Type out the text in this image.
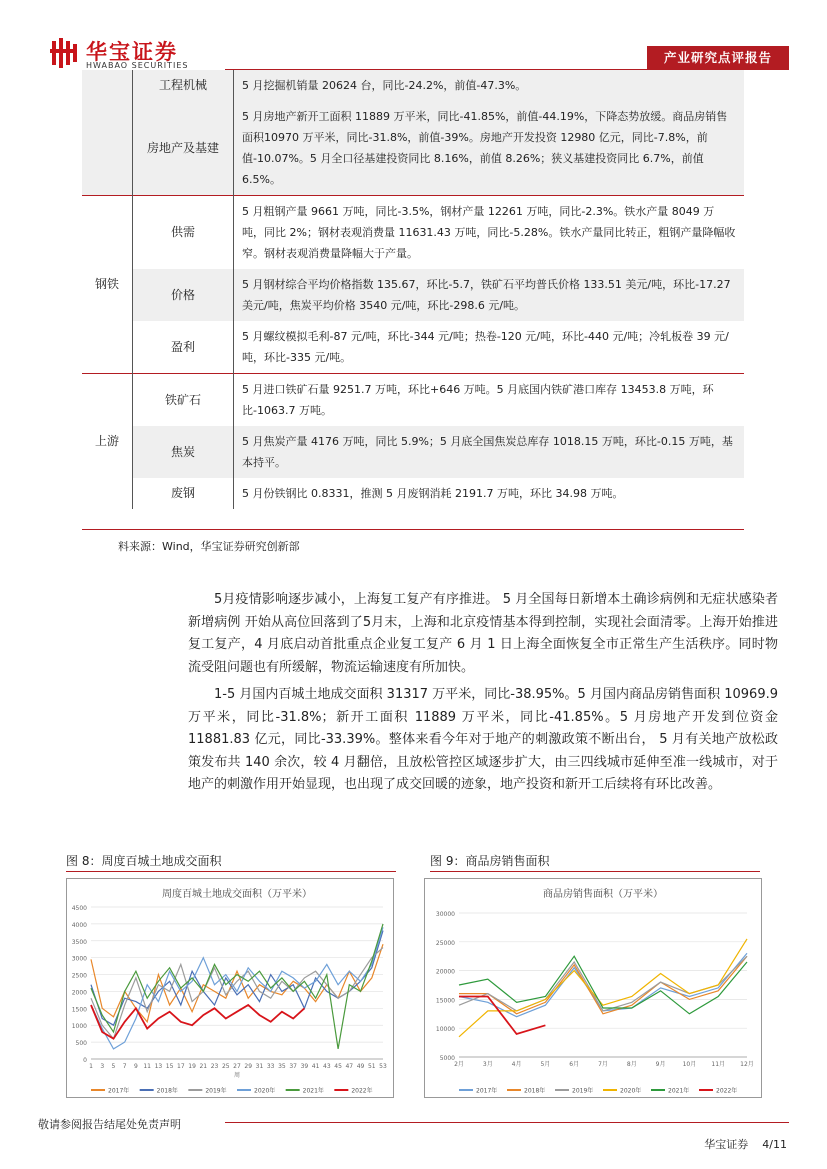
华宝证券
HWABAO SECURITIES
产业研究点评报告
	工程机械	5 月挖掘机销量 20624 台，同比-24.2%，前值-47.3%。
	房地产及基建	5 月房地产新开工面积 11889 万平米，同比-41.85%，前值-44.19%，下降态势放缓。商品房销售面积10970 万平米，同比-31.8%，前值-39%。房地产开发投资 12980 亿元，同比-7.8%，前值-10.07%。5 月全口径基建投资同比 8.16%，前值 8.26%；狭义基建投资同比 6.7%，前值 6.5%。
钢铁	供需	5 月粗钢产量 9661 万吨，同比-3.5%，钢材产量 12261 万吨，同比-2.3%。铁水产量 8049 万吨，同比 2%；钢材表观消费量 11631.43 万吨，同比-5.28%。铁水产量同比转正，粗钢产量降幅收窄。钢材表观消费量降幅大于产量。
	价格	5 月钢材综合平均价格指数 135.67，环比-5.7，铁矿石平均普氏价格 133.51 美元/吨，环比-17.27 美元/吨，焦炭平均价格 3540 元/吨，环比-298.6 元/吨。
	盈利	5 月螺纹模拟毛利-87 元/吨，环比-344 元/吨；热卷-120 元/吨，环比-440 元/吨；冷轧板卷 39 元/吨，环比-335 元/吨。
上游	铁矿石	5 月进口铁矿石量 9251.7 万吨，环比+646 万吨。5 月底国内铁矿港口库存 13453.8 万吨，环比-1063.7 万吨。
	焦炭	5 月焦炭产量 4176 万吨，同比 5.9%；5 月底全国焦炭总库存 1018.15 万吨，环比-0.15 万吨，基本持平。
	废钢	5 月份铁钢比 0.8331，推测 5 月废钢消耗 2191.7 万吨，环比 34.98 万吨。
料来源：Wind，华宝证券研究创新部
5月疫情影响逐步减小，上海复工复产有序推进。 5 月全国每日新增本土确诊病例和无症状感染者新增病例 开始从高位回落到了5月末，上海和北京疫情基本得到控制，实现社会面清零。上海开始推进复工复产，4 月底启动首批重点企业复工复产 6 月 1 日上海全面恢复全市正常生产生活秩序。同时物流受阻问题也有所缓解，物流运输速度有所加快。
1-5 月国内百城土地成交面积 31317 万平米，同比-38.95%。5 月国内商品房销售面积 10969.9 万平米，同比-31.8%；新开工面积 11889 万平米，同比-41.85%。5 月房地产开发到位资金 11881.83 亿元，同比-33.39%。整体来看今年对于地产的刺激政策不断出台， 5 月有关地产放松政策发布共 140 余次，较 4 月翻倍，且放松管控区域逐步扩大，由三四线城市延伸至准一线城市，对于地产的刺激作用开始显现，也出现了成交回暖的迹象，地产投资和新开工后续将有环比改善。
图 8：周度百城土地成交面积
周度百城土地成交面积（万平米）
0
500
1000
1500
2000
2500
3000
3500
4000
4500
1 3 5 7 9 11 13 15 17 19 21 23 25 27 29 31 33 35 37 39 41 43 45 47 49 51 53
周
2017年	2018年	2019年	2020年	2021年	2022年
图 9：商品房销售面积
商品房销售面积（万平米）
5000
10000
15000
20000
25000
30000
2月	3月	4月	5月	6月	7月	8月	9月	10月	11月	12月
2017年	2018年	2019年	2020年	2021年	2022年
敬请参阅报告结尾处免责声明
华宝证券 4/11
